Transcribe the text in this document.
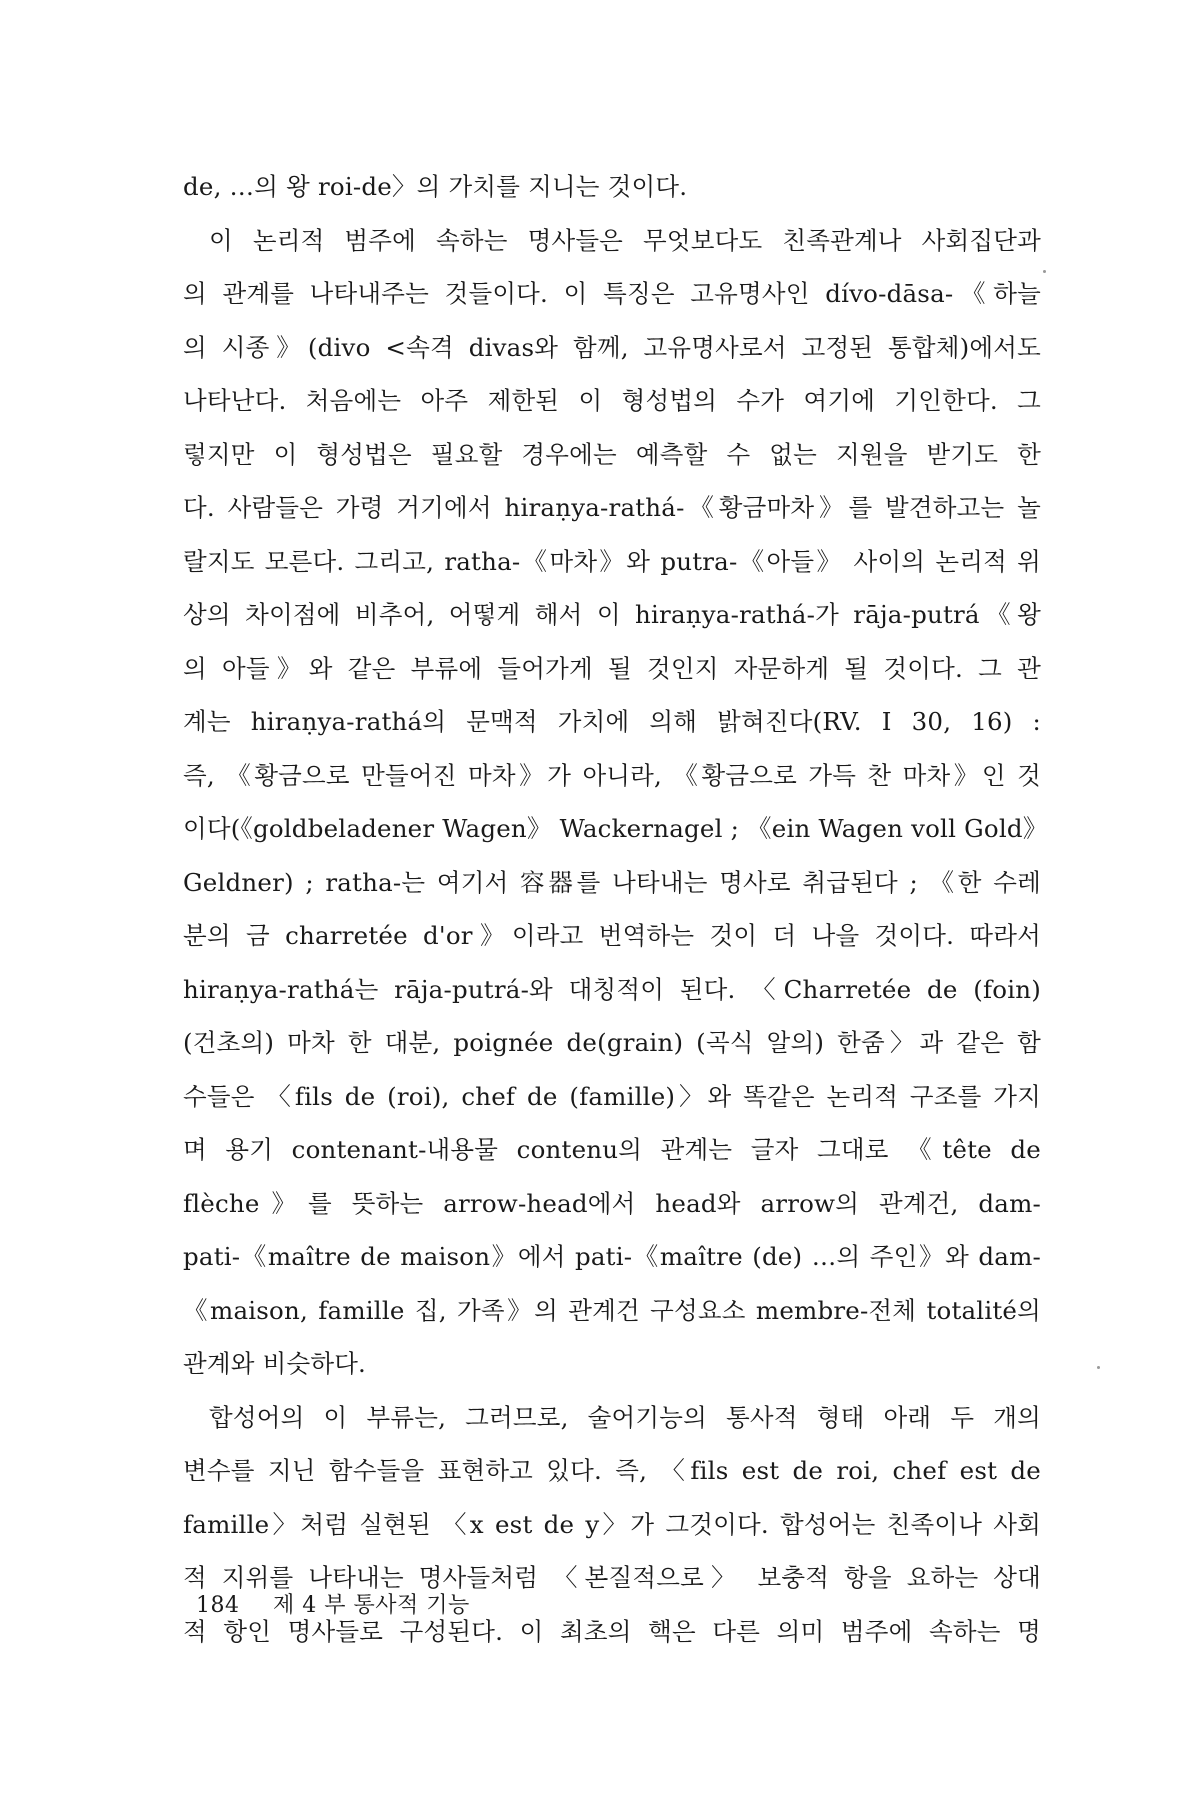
de, …의 왕 roi-de〉의 가치를 지니는 것이다.
이 논리적 범주에 속하는 명사들은 무엇보다도 친족관계나 사회집단과
의 관계를 나타내주는 것들이다. 이 특징은 고유명사인 dívo-dāsa-《하늘
의 시종》(divo <속격 divas와 함께, 고유명사로서 고정된 통합체)에서도
나타난다. 처음에는 아주 제한된 이 형성법의 수가 여기에 기인한다. 그
렇지만 이 형성법은 필요할 경우에는 예측할 수 없는 지원을 받기도 한
다. 사람들은 가령 거기에서 hiraṇya-rathá-《황금마차》를 발견하고는 놀
랄지도 모른다. 그리고, ratha-《마차》와 putra-《아들》 사이의 논리적 위
상의 차이점에 비추어, 어떻게 해서 이 hiraṇya-rathá-가 rāja-putrá《왕
의 아들》와 같은 부류에 들어가게 될 것인지 자문하게 될 것이다. 그 관
계는 hiraṇya-rathá의 문맥적 가치에 의해 밝혀진다(RV. I 30, 16) :
즉, 《황금으로 만들어진 마차》가 아니라, 《황금으로 가득 찬 마차》인 것
이다(《goldbeladener Wagen》 Wackernagel ; 《ein Wagen voll Gold》
Geldner) ; ratha-는 여기서 容器를 나타내는 명사로 취급된다 ; 《한 수레
분의 금 charretée d'or》이라고 번역하는 것이 더 나을 것이다. 따라서
hiraṇya-rathá는 rāja-putrá-와 대칭적이 된다. 〈Charretée de (foin)
(건초의) 마차 한 대분, poignée de(grain) (곡식 알의) 한줌〉과 같은 함
수들은 〈fils de (roi), chef de (famille)〉와 똑같은 논리적 구조를 가지
며 용기 contenant-내용물 contenu의 관계는 글자 그대로 《tête de
flèche》를 뜻하는 arrow-head에서 head와 arrow의 관계건, dam-
pati-《maître de maison》에서 pati-《maître (de) …의 주인》와 dam-
《maison, famille 집, 가족》의 관계건 구성요소 membre-전체 totalité의
관계와 비슷하다.
합성어의 이 부류는, 그러므로, 술어기능의 통사적 형태 아래 두 개의
변수를 지닌 함수들을 표현하고 있다. 즉, 〈fils est de roi, chef est de
famille〉처럼 실현된 〈x est de y〉가 그것이다. 합성어는 친족이나 사회
적 지위를 나타내는 명사들처럼 〈본질적으로〉 보충적 항을 요하는 상대
적 항인 명사들로 구성된다. 이 최초의 핵은 다른 의미 범주에 속하는 명
184 제 4 부 통사적 기능
